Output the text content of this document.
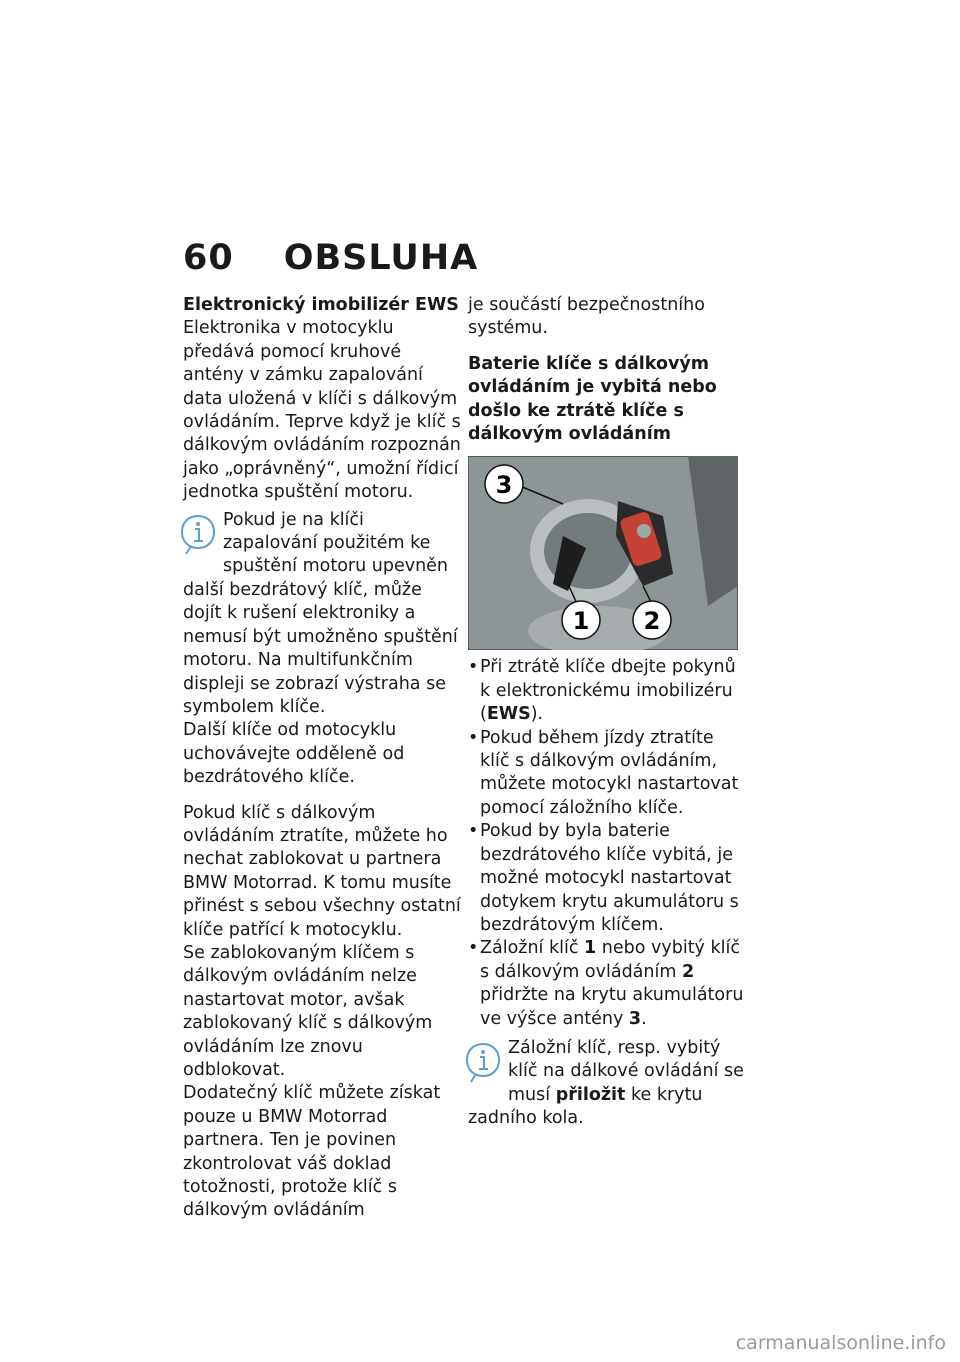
60 OBSLUHA

Elektronický imobilizér EWS

Elektronika v motocyklu předává pomocí kruhové antény v zámku zapalování data uložená v klíči s dálkovým ovládáním. Teprve když je klíč s dálkovým ovládáním rozpoznán jako „oprávněný“, umožní řídicí jednotka spuštění motoru.

Pokud je na klíči zapalování použitém ke spuštění motoru upevněn další bezdrátový klíč, může dojít k rušení elektroniky a nemusí být umožněno spuštění motoru. Na multifunkčním displeji se zobrazí výstraha se symbolem klíče.

Další klíče od motocyklu uchovávejte odděleně od bezdrátového klíče.

Pokud klíč s dálkovým ovládáním ztratíte, můžete ho nechat zablokovat u partnera BMW Motorrad. K tomu musíte přinést s sebou všechny ostatní klíče patřící k motocyklu.

Se zablokovaným klíčem s dálkovým ovládáním nelze nastartovat motor, avšak zablokovaný klíč s dálkovým ovládáním lze znovu odblokovat.

Dodatečný klíč můžete získat pouze u BMW Motorrad partnera. Ten je povinen zkontrolovat váš doklad totožnosti, protože klíč s dálkovým ovládáním

je součástí bezpečnostního systému.

Baterie klíče s dálkovým ovládáním je vybitá nebo došlo ke ztrátě klíče s dálkovým ovládáním

3
1 2
• Při ztrátě klíče dbejte pokynů k elektronickému imobilizéru (EWS).
• Pokud během jízdy ztratíte klíč s dálkovým ovládáním, můžete motocykl nastartovat pomocí záložního klíče.
• Pokud by byla baterie bezdrátového klíče vybitá, je možné motocykl nastartovat dotykem krytu akumulátoru s bezdrátovým klíčem.
• Záložní klíč 1 nebo vybitý klíč s dálkovým ovládáním 2 přidržte na krytu akumulátoru ve výšce antény 3.
Záložní klíč, resp. vybitý klíč na dálkové ovládání se musí přiložit ke krytu zadního kola.
carmanualsonline.info
